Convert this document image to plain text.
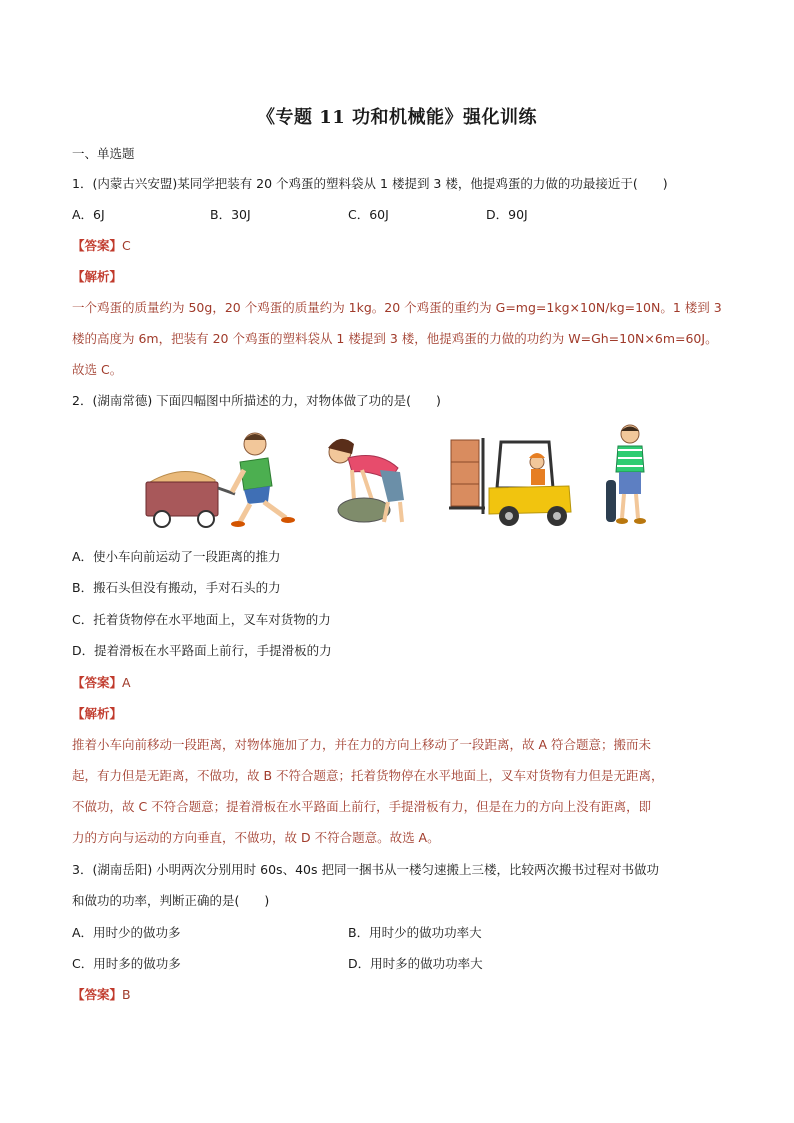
《专题 11 功和机械能》强化训练
一、单选题
1．(内蒙古兴安盟)某同学把装有 20 个鸡蛋的塑料袋从 1 楼提到 3 楼，他提鸡蛋的力做的功最接近于(　　)
A．6J	B．30J	C．60J	D．90J
【答案】C
【解析】
一个鸡蛋的质量约为 50g，20 个鸡蛋的质量约为 1kg。20 个鸡蛋的重约为 G=mg=1kg×10N/kg=10N。1 楼到 3
楼的高度为 6m，把装有 20 个鸡蛋的塑料袋从 1 楼提到 3 楼，他提鸡蛋的力做的功约为 W=Gh=10N×6m=60J。
故选 C。
2．(湖南常德) 下面四幅图中所描述的力，对物体做了功的是(　　)
A．使小车向前运动了一段距离的推力
B．搬石头但没有搬动，手对石头的力
C．托着货物停在水平地面上，叉车对货物的力
D．提着滑板在水平路面上前行，手提滑板的力
【答案】A
【解析】
推着小车向前移动一段距离，对物体施加了力，并在力的方向上移动了一段距离，故 A 符合题意；搬而未
起，有力但是无距离，不做功，故 B 不符合题意；托着货物停在水平地面上，叉车对货物有力但是无距离，
不做功，故 C 不符合题意；提着滑板在水平路面上前行，手提滑板有力，但是在力的方向上没有距离，即
力的方向与运动的方向垂直，不做功，故 D 不符合题意。故选 A。
3．(湖南岳阳) 小明两次分别用时 60s、40s 把同一捆书从一楼匀速搬上三楼，比较两次搬书过程对书做功
和做功的功率，判断正确的是(　　)
A．用时少的做功多	B．用时少的做功功率大
C．用时多的做功多	D．用时多的做功功率大
【答案】B
